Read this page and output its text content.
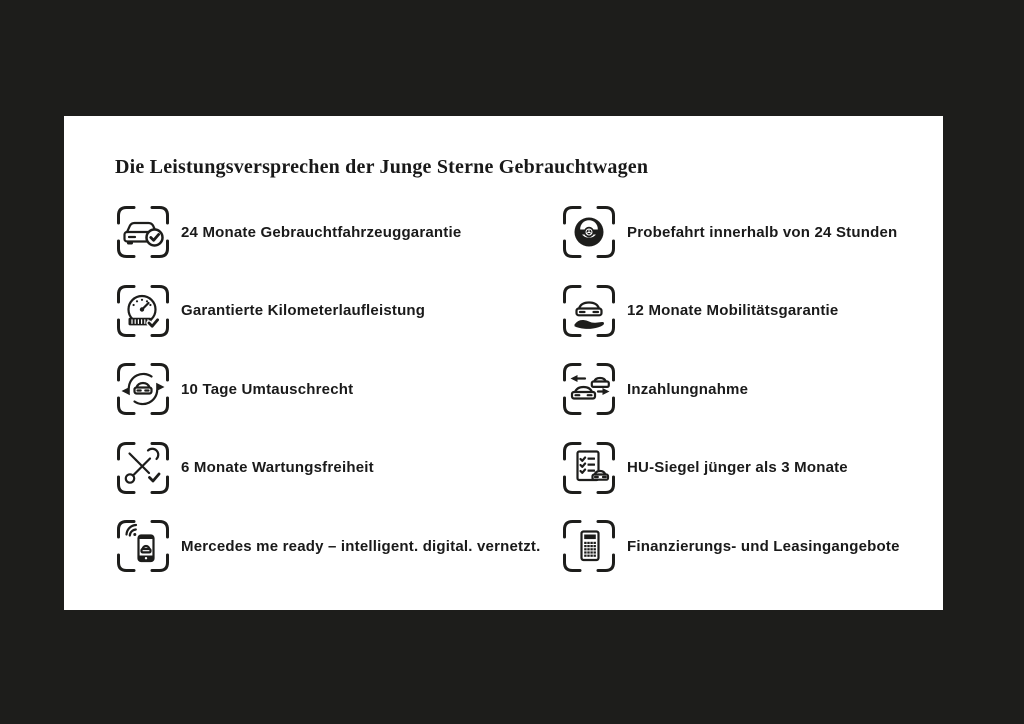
Die Leistungsversprechen der Junge Sterne Gebrauchtwagen
24 Monate Gebrauchtfahrzeuggarantie
Garantierte Kilometerlaufleistung
10 Tage Umtauschrecht
6 Monate Wartungsfreiheit
Mercedes me ready – intelligent. digital. vernetzt.
Probefahrt innerhalb von 24 Stunden
12 Monate Mobilitätsgarantie
Inzahlungnahme
HU-Siegel jünger als 3 Monate
Finanzierungs- und Leasingangebote
